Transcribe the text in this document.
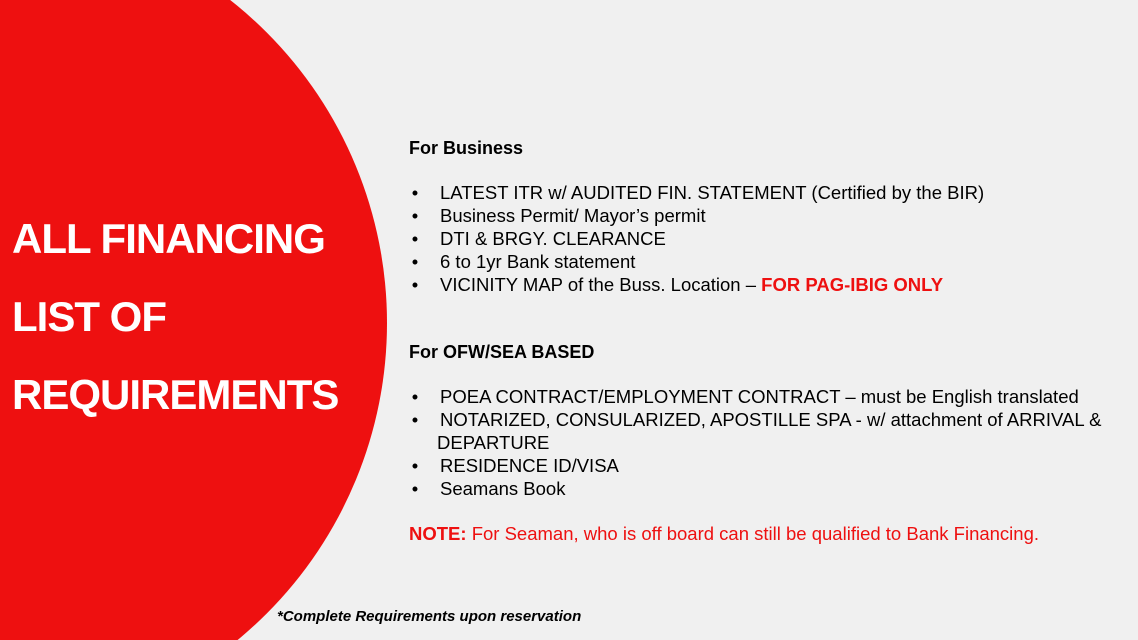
ALL FINANCING
LIST OF
REQUIREMENTS

For Business

• LATEST ITR w/ AUDITED FIN. STATEMENT (Certified by the BIR)
• Business Permit/ Mayor’s permit
• DTI & BRGY. CLEARANCE
• 6 to 1yr Bank statement
• VICINITY MAP of the Buss. Location – FOR PAG-IBIG ONLY

For OFW/SEA BASED

• POEA CONTRACT/EMPLOYMENT CONTRACT – must be English translated
• NOTARIZED, CONSULARIZED, APOSTILLE SPA - w/ attachment of ARRIVAL &
DEPARTURE
• RESIDENCE ID/VISA
• Seamans Book
NOTE: For Seaman, who is off board can still be qualified to Bank Financing.
*Complete Requirements upon reservation
